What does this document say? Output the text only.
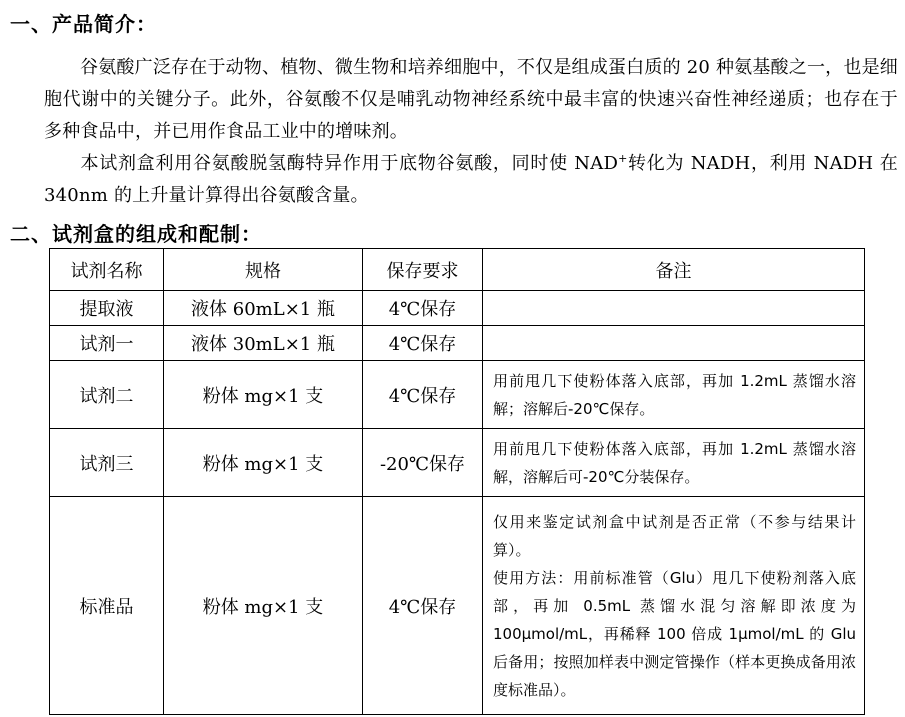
一、产品简介：
谷氨酸广泛存在于动物、植物、微生物和培养细胞中，不仅是组成蛋白质的 20 种氨基酸之一，也是细胞代谢中的关键分子。此外，谷氨酸不仅是哺乳动物神经系统中最丰富的快速兴奋性神经递质；也存在于多种食品中，并已用作食品工业中的增味剂。
本试剂盒利用谷氨酸脱氢酶特异作用于底物谷氨酸，同时使 NAD+转化为 NADH，利用 NADH 在 340nm 的上升量计算得出谷氨酸含量。
二、试剂盒的组成和配制：
试剂名称	规格	保存要求	备注
提取液	液体 60mL×1 瓶	4℃保存	
试剂一	液体 30mL×1 瓶	4℃保存	
试剂二	粉体 mg×1 支	4℃保存	用前甩几下使粉体落入底部，再加 1.2mL 蒸馏水溶解；溶解后-20℃保存。

试剂三	粉体 mg×1 支	-20℃保存	用前甩几下使粉体落入底部，再加 1.2mL 蒸馏水溶解，溶解后可-20℃分装保存。

标准品	粉体 mg×1 支	4℃保存	仅用来鉴定试剂盒中试剂是否正常（不参与结果计算）。
使用方法：用前标准管（Glu）甩几下使粉剂落入底部，再加 0.5mL 蒸馏水混匀溶解即浓度为 100μmol/mL，再稀释 100 倍成 1μmol/mL 的 Glu 后备用；按照加样表中测定管操作（样本更换成备用浓度标准品）。
